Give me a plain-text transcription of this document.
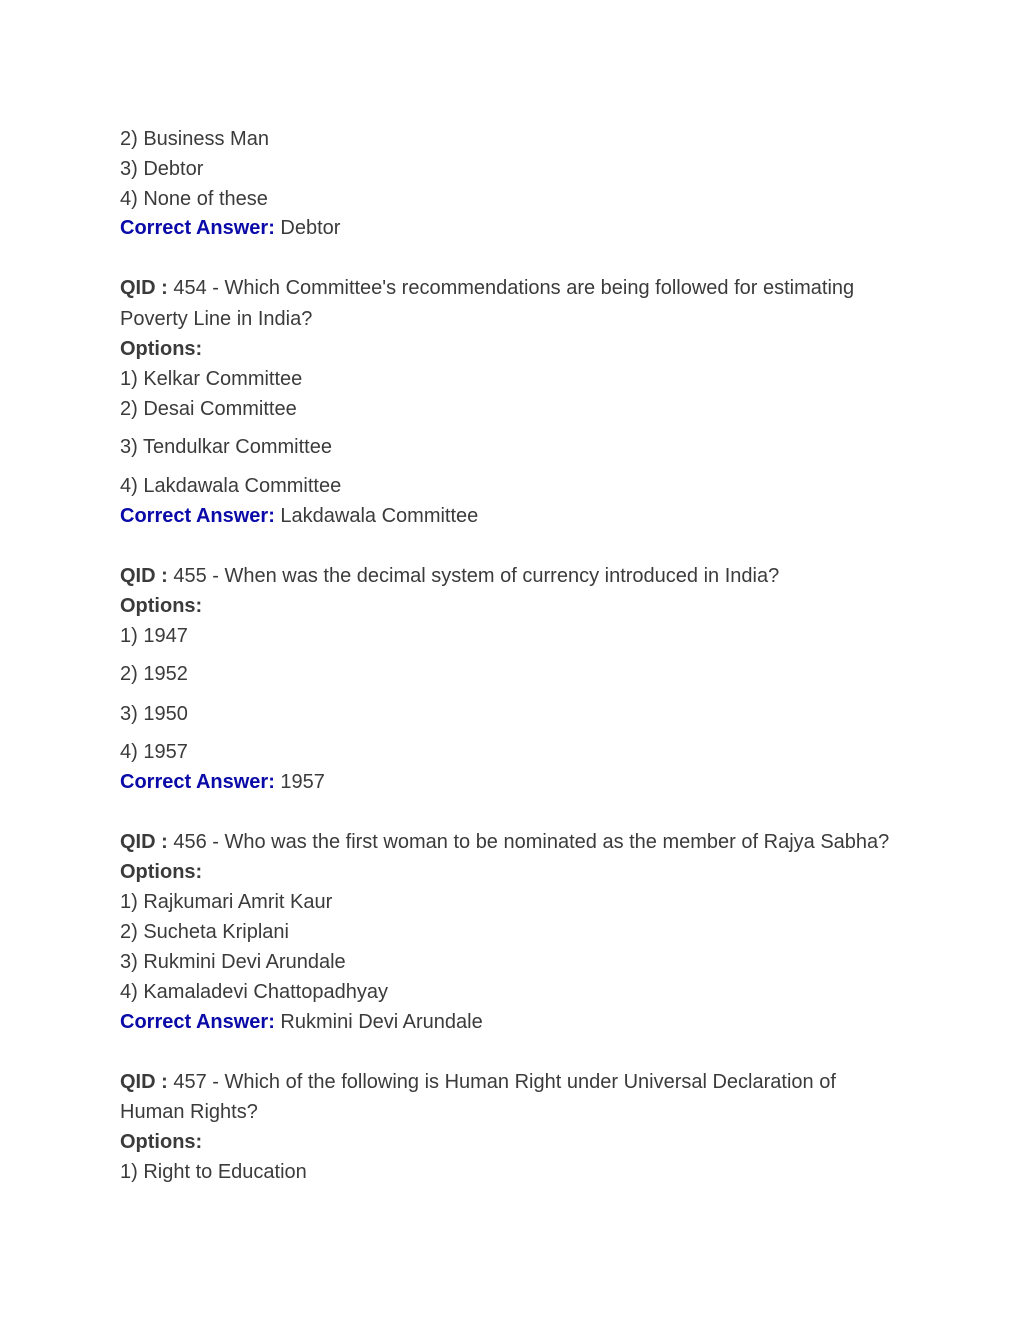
2) Business Man
3) Debtor
4) None of these
Correct Answer: Debtor
QID : 454 - Which Committee's recommendations are being followed for estimating
Poverty Line in India?
Options:
1) Kelkar Committee
2) Desai Committee
3) Tendulkar Committee
4) Lakdawala Committee
Correct Answer: Lakdawala Committee
QID : 455 - When was the decimal system of currency introduced in India?
Options:
1) 1947
2) 1952
3) 1950
4) 1957
Correct Answer: 1957
QID : 456 - Who was the first woman to be nominated as the member of Rajya Sabha?
Options:
1) Rajkumari Amrit Kaur
2) Sucheta Kriplani
3) Rukmini Devi Arundale
4) Kamaladevi Chattopadhyay
Correct Answer: Rukmini Devi Arundale
QID : 457 - Which of the following is Human Right under Universal Declaration of
Human Rights?
Options:
1) Right to Education
